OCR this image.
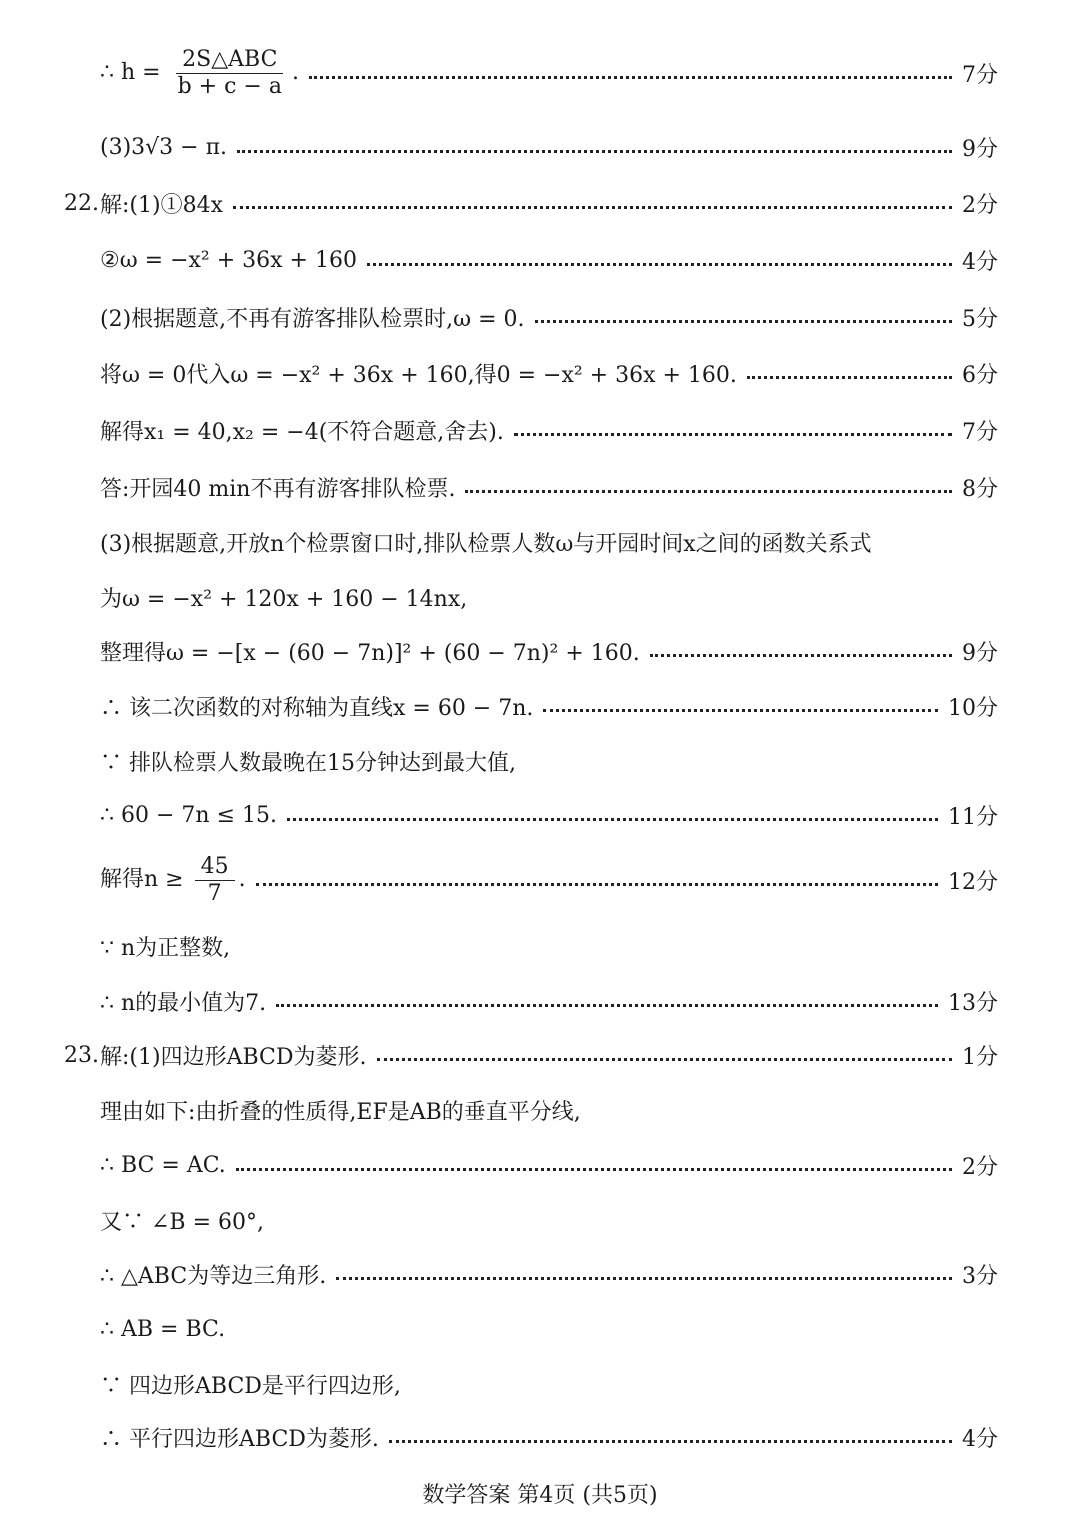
∴ $h = \frac{\text{2S△ABC}}{b + c - a}$ .	7分
(3)3√3 − π.	9分
22. 解:(1)①84x	2分
②ω = −x² + 36x + 160	4分
(2)根据题意,不再有游客排队检票时,ω = 0.	5分
将ω = 0代入ω = −x² + 36x + 160,得0 = −x² + 36x + 160.	6分
解得x₁ = 40,x₂ = −4(不符合题意,舍去).	7分
答:开园40 min不再有游客排队检票.	8分
(3)根据题意,开放n个检票窗口时,排队检票人数ω与开园时间x之间的函数关系式
为ω = −x² + 120x + 160 − 14nx,
整理得ω = −[x − (60 − 7n)]² + (60 − 7n)² + 160.	9分
∴ 该二次函数的对称轴为直线x = 60 − 7n.	10分
∵ 排队检票人数最晚在15分钟达到最大值,
∴ 60 − 7n ≤ 15.	11分
解得$n \ge \frac{45}{7}$ .	12分
∵ n为正整数,
∴ n的最小值为7.	13分
23. 解:(1)四边形ABCD为菱形.	1分
理由如下:由折叠的性质得,EF是AB的垂直平分线,
∴ BC = AC.	2分
又∵ ∠B = 60°,
∴ △ABC为等边三角形.	3分
∴ AB = BC.
∵ 四边形ABCD是平行四边形,
∴ 平行四边形ABCD为菱形.	4分
数学答案 第4页 (共5页)
